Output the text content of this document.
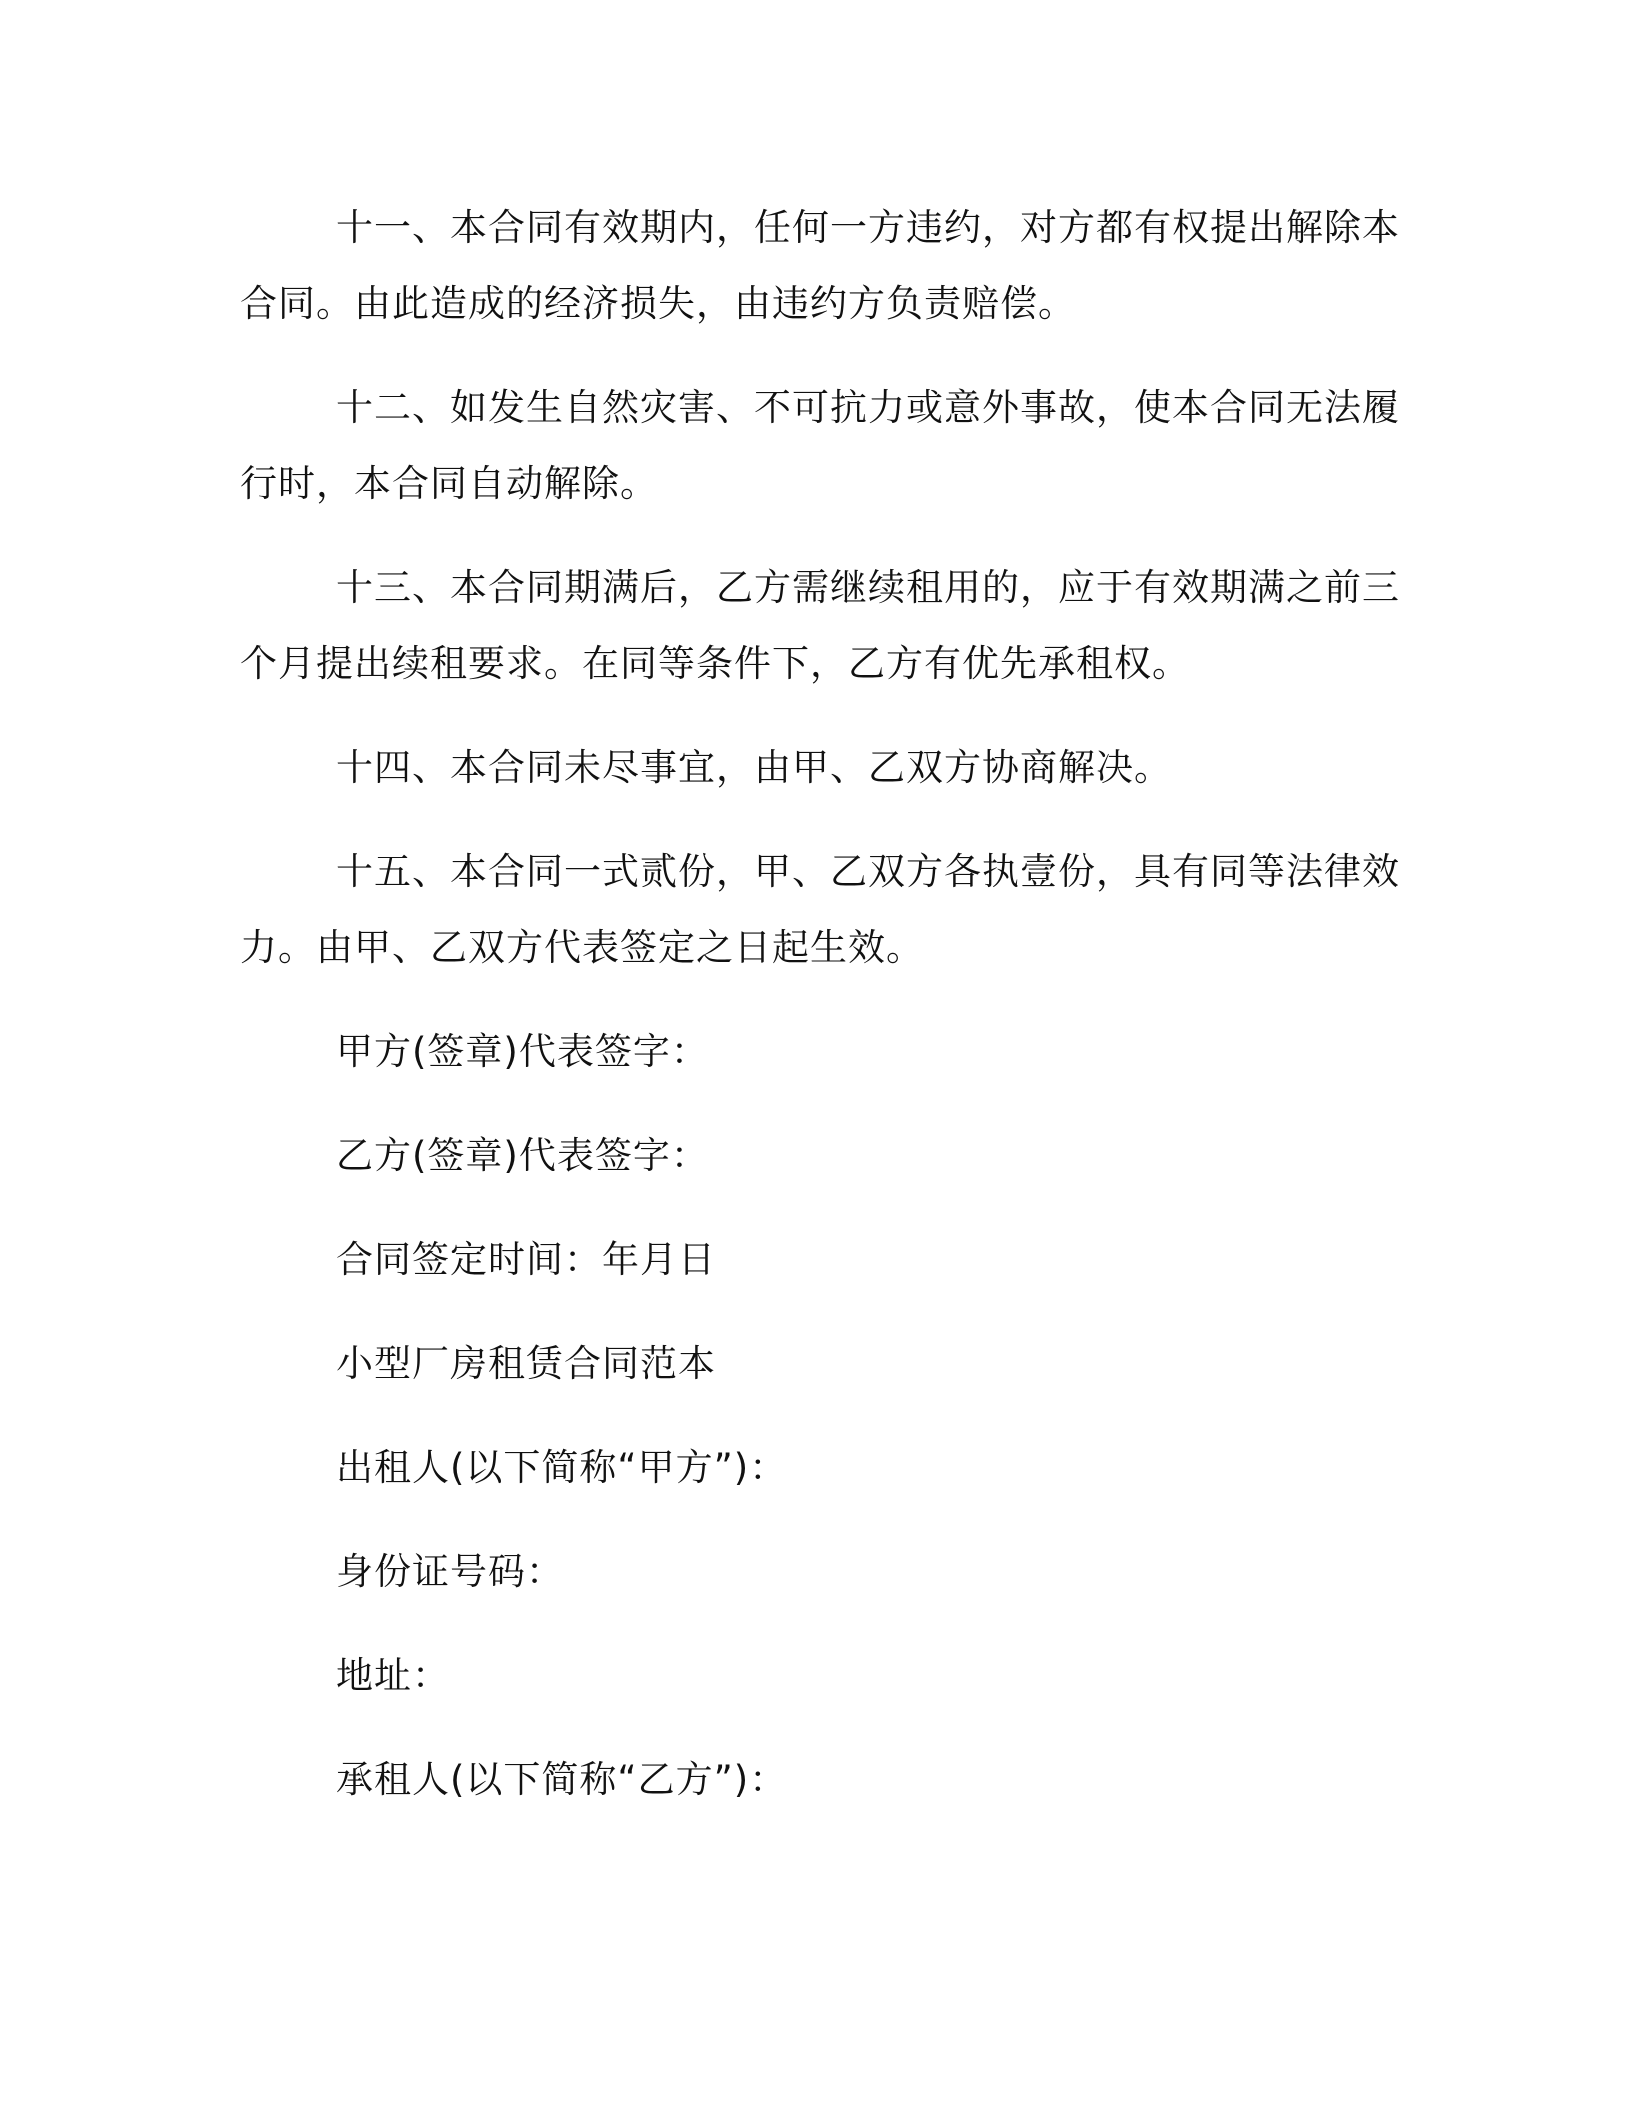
十一、本合同有效期内，任何一方违约，对方都有权提出解除本合同。由此造成的经济损失，由违约方负责赔偿。

十二、如发生自然灾害、不可抗力或意外事故，使本合同无法履行时，本合同自动解除。

十三、本合同期满后，乙方需继续租用的，应于有效期满之前三个月提出续租要求。在同等条件下，乙方有优先承租权。

十四、本合同未尽事宜，由甲、乙双方协商解决。

十五、本合同一式贰份，甲、乙双方各执壹份，具有同等法律效力。由甲、乙双方代表签定之日起生效。

甲方(签章)代表签字：
乙方(签章)代表签字：
合同签定时间：年月日
小型厂房租赁合同范本
出租人(以下简称“甲方”)：
身份证号码：
地址：
承租人(以下简称“乙方”)：
